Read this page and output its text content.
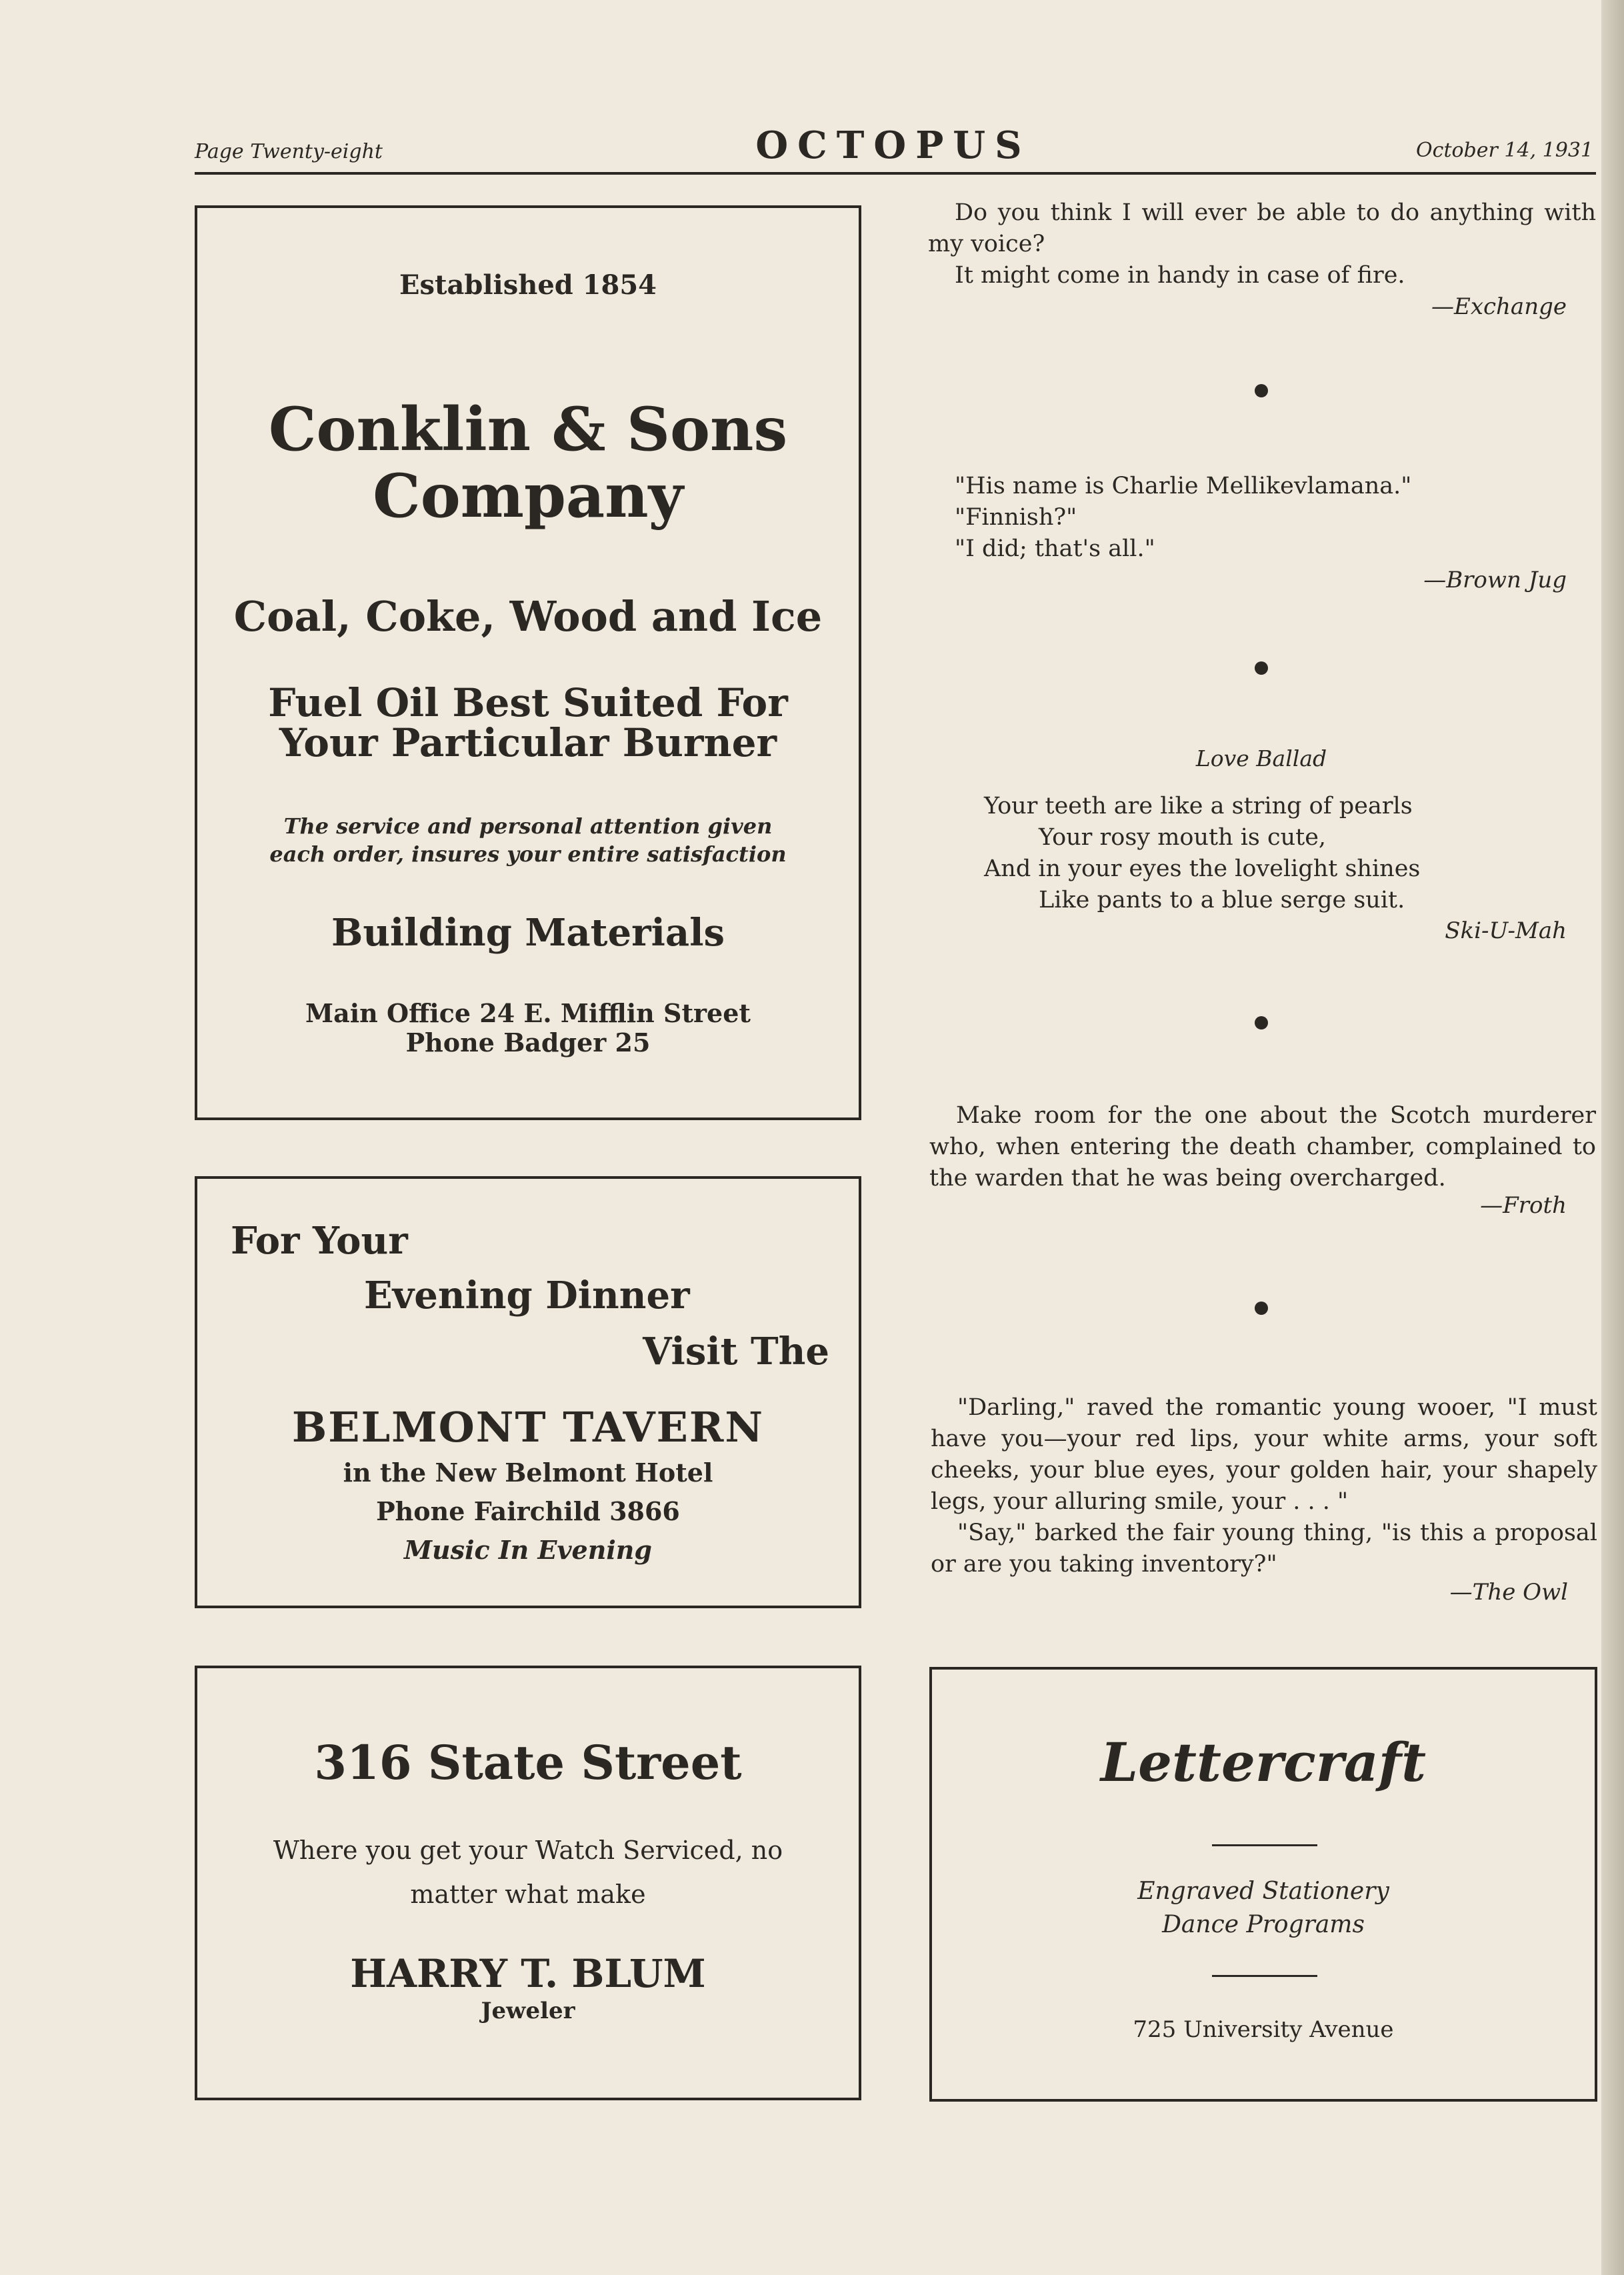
Page Twenty-eight	OCTOPUS	October 14, 1931
Established 1854
Conklin & Sons
Company
Coal, Coke, Wood and Ice
Fuel Oil Best Suited For
Your Particular Burner
The service and personal attention given
each order, insures your entire satisfaction
Building Materials
Main Office 24 E. Mifflin Street
Phone Badger 25
For Your
Evening Dinner
Visit The
BELMONT TAVERN
in the New Belmont Hotel
Phone Fairchild 3866
Music In Evening
316 State Street
Where you get your Watch Serviced, no
matter what make
HARRY T. BLUM
Jeweler
Lettercraft
Engraved Stationery
Dance Programs
725 University Avenue
Do you think I will ever be able to do anything with my voice?
It might come in handy in case of fire.
—Exchange
"His name is Charlie Mellikevlamana."
"Finnish?"
"I did; that's all."
—Brown Jug
Love Ballad
Your teeth are like a string of pearls
Your rosy mouth is cute,
And in your eyes the lovelight shines
Like pants to a blue serge suit.
Ski-U-Mah
Make room for the one about the Scotch murderer who, when entering the death chamber, complained to the warden that he was being overcharged.
—Froth
"Darling," raved the romantic young wooer, "I must have you—your red lips, your white arms, your soft cheeks, your blue eyes, your golden hair, your shapely legs, your alluring smile, your . . . "
"Say," barked the fair young thing, "is this a proposal or are you taking inventory?"
—The Owl
